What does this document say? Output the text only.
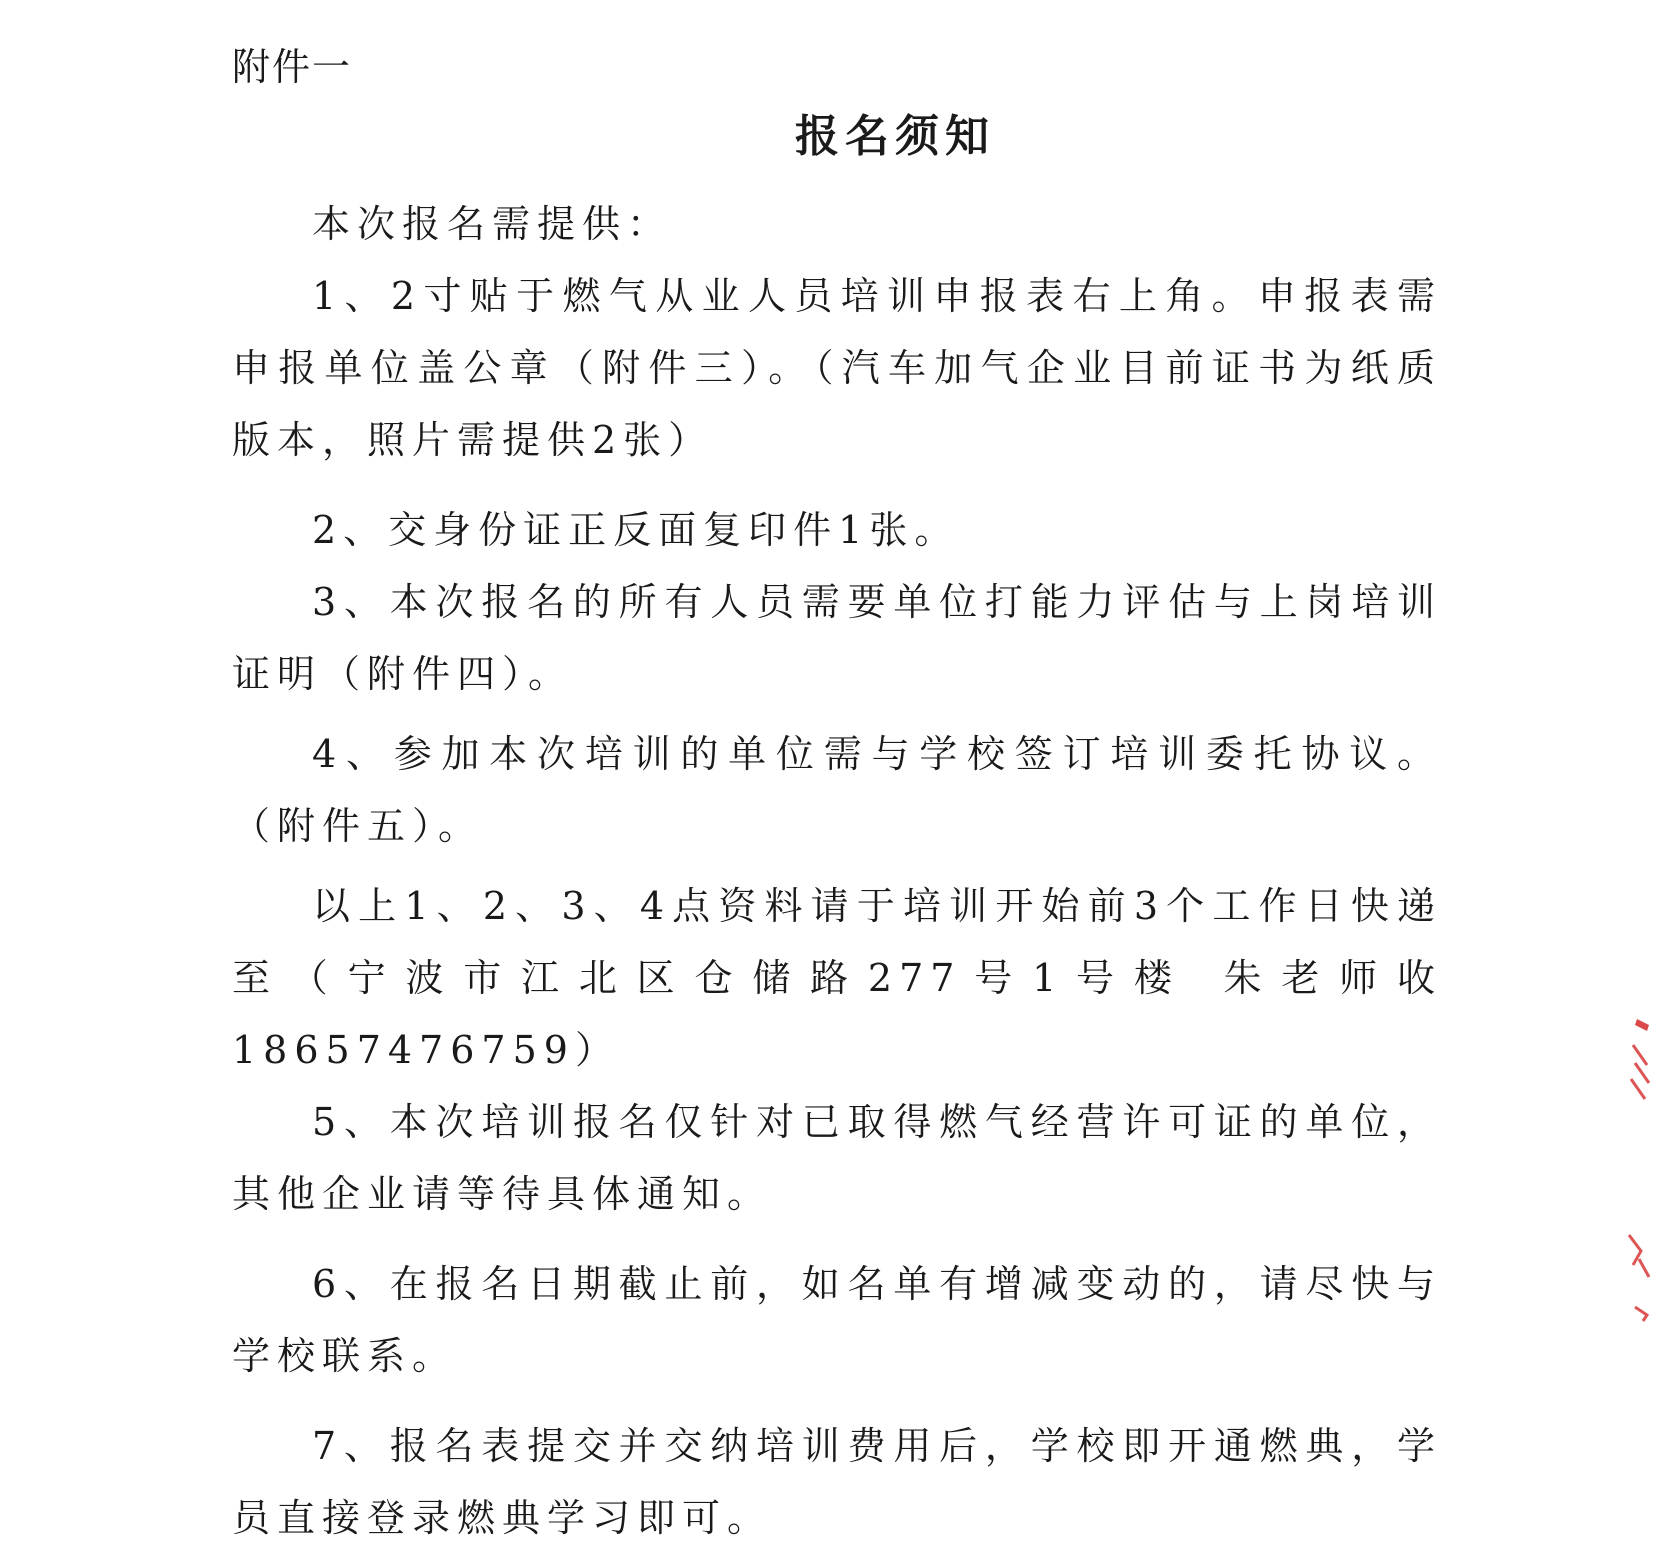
附件一
报名须知

本次报名需提供：

1、2寸贴于燃气从业人员培训申报表右上角。申报表需申报单位盖公章（附件三）。（汽车加气企业目前证书为纸质版本，照片需提供2张）

2、交身份证正反面复印件1张。

3、本次报名的所有人员需要单位打能力评估与上岗培训证明（附件四）。

4、参加本次培训的单位需与学校签订培训委托协议。（附件五）。

以上1、2、3、4点资料请于培训开始前3个工作日快递至（宁波市江北区仓储路277号1号楼 朱老师收 18657476759）

5、本次培训报名仅针对已取得燃气经营许可证的单位，其他企业请等待具体通知。

6、在报名日期截止前，如名单有增减变动的，请尽快与学校联系。

7、报名表提交并交纳培训费用后，学校即开通燃典，学员直接登录燃典学习即可。
